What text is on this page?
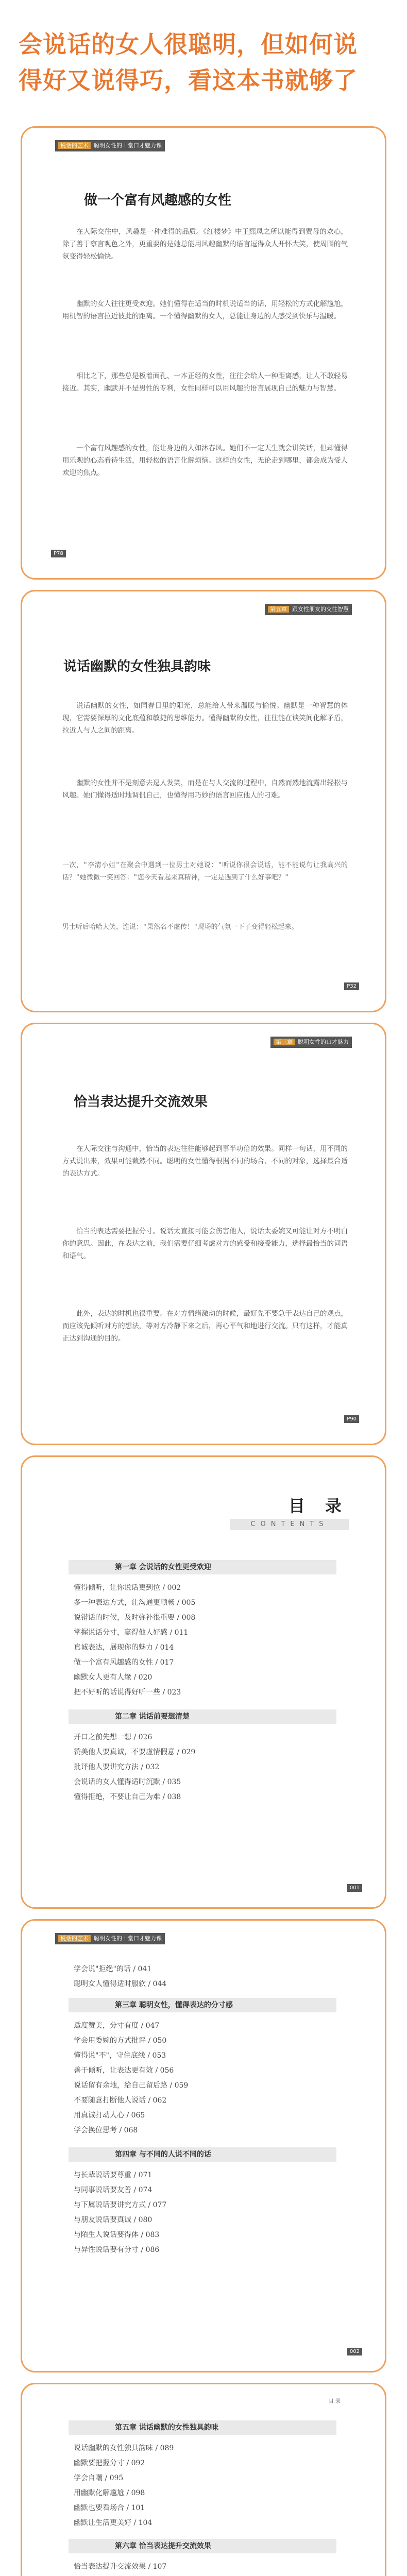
会说话的女人很聪明，但如何说
得好又说得巧，看这本书就够了
说话的艺术 聪明女性的十堂口才魅力课
做一个富有风趣感的女性
在人际交往中，风趣是一种难得的品质。《红楼梦》中王熙凤之所以能得到贾母的欢心，除了善于察言观色之外，更重要的是她总能用风趣幽默的语言逗得众人开怀大笑，使周围的气氛变得轻松愉快。
幽默的女人往往更受欢迎。她们懂得在适当的时机说适当的话，用轻松的方式化解尴尬，用机智的语言拉近彼此的距离。一个懂得幽默的女人，总能让身边的人感受到快乐与温暖。
相比之下，那些总是板着面孔、一本正经的女性，往往会给人一种距离感，让人不敢轻易接近。其实，幽默并不是男性的专利，女性同样可以用风趣的语言展现自己的魅力与智慧。
一个富有风趣感的女性，能让身边的人如沐春风。她们不一定天生就会讲笑话，但却懂得用乐观的心态看待生活，用轻松的语言化解烦恼。这样的女性，无论走到哪里，都会成为受人欢迎的焦点。
P78
第五章 跟女性朋友的交往智慧
说话幽默的女性独具韵味
说话幽默的女性，如同春日里的阳光，总能给人带来温暖与愉悦。幽默是一种智慧的体现，它需要深厚的文化底蕴和敏捷的思维能力。懂得幽默的女性，往往能在谈笑间化解矛盾，拉近人与人之间的距离。
幽默的女性并不是刻意去逗人发笑，而是在与人交流的过程中，自然而然地流露出轻松与风趣。她们懂得适时地调侃自己，也懂得用巧妙的语言回应他人的刁难。
一次，"李清小姐"在聚会中遇到一位男士对她说："听说你很会说话，能不能说句让我高兴的话？"她微微一笑回答："您今天看起来真精神，一定是遇到了什么好事吧？"
男士听后哈哈大笑，连说："果然名不虚传！"现场的气氛一下子变得轻松起来。
P32
第三章 聪明女性的口才魅力
恰当表达提升交流效果
在人际交往与沟通中，恰当的表达往往能够起到事半功倍的效果。同样一句话，用不同的方式说出来，效果可能截然不同。聪明的女性懂得根据不同的场合、不同的对象，选择最合适的表达方式。
恰当的表达需要把握分寸。说话太直接可能会伤害他人，说话太委婉又可能让对方不明白你的意思。因此，在表达之前，我们需要仔细考虑对方的感受和接受能力，选择最恰当的词语和语气。
此外，表达的时机也很重要。在对方情绪激动的时候，最好先不要急于表达自己的观点，而应该先倾听对方的想法，等对方冷静下来之后，再心平气和地进行交流。只有这样，才能真正达到沟通的目的。
P90
目 录
CONTENTS
第一章 会说话的女性更受欢迎
懂得倾听，让你说话更到位 / 002
多一种表达方式，让沟通更顺畅 / 005
说错话的时候，及时弥补很重要 / 008
掌握说话分寸，赢得他人好感 / 011
真诚表达，展现你的魅力 / 014
做一个富有风趣感的女性 / 017
幽默女人更有人缘 / 020
把不好听的话说得好听一些 / 023
第二章 说话前要想清楚
开口之前先想一想 / 026
赞美他人要真诚，不要虚情假意 / 029
批评他人要讲究方法 / 032
会说话的女人懂得适时沉默 / 035
懂得拒绝，不要让自己为难 / 038
001
说话的艺术 聪明女性的十堂口才魅力课
学会说"拒绝"的话 / 041
聪明女人懂得适时服软 / 044
第三章 聪明女性，懂得表达的分寸感
适度赞美，分寸有度 / 047
学会用委婉的方式批评 / 050
懂得说"不"，守住底线 / 053
善于倾听，让表达更有效 / 056
说话留有余地，给自己留后路 / 059
不要随意打断他人说话 / 062
用真诚打动人心 / 065
学会换位思考 / 068
第四章 与不同的人说不同的话
与长辈说话要尊重 / 071
与同事说话要友善 / 074
与下属说话要讲究方式 / 077
与朋友说话要真诚 / 080
与陌生人说话要得体 / 083
与异性说话要有分寸 / 086
002
目 录
第五章 说话幽默的女性独具韵味
说话幽默的女性独具韵味 / 089
幽默要把握分寸 / 092
学会自嘲 / 095
用幽默化解尴尬 / 098
幽默也要看场合 / 101
幽默让生活更美好 / 104
第六章 恰当表达提升交流效果
恰当表达提升交流效果 / 107
